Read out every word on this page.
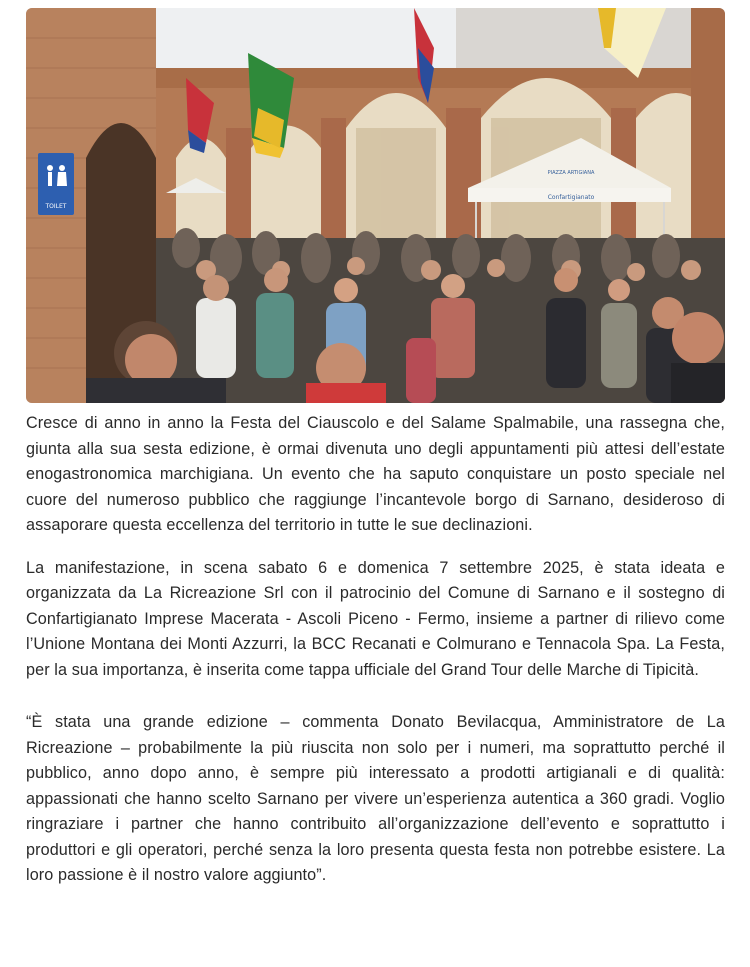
TOILET
PIAZZA ARTIGIANA
Confartigianato

Cresce di anno in anno la Festa del Ciauscolo e del Salame Spalmabile, una rassegna che, giunta alla sua sesta edizione, è ormai divenuta uno degli appuntamenti più attesi dell’estate enogastronomica marchigiana. Un evento che ha saputo conquistare un posto speciale nel cuore del numeroso pubblico che raggiunge l’incantevole borgo di Sarnano, desideroso di assaporare questa eccellenza del territorio in tutte le sue declinazioni.

La manifestazione, in scena sabato 6 e domenica 7 settembre 2025, è stata ideata e organizzata da La Ricreazione Srl con il patrocinio del Comune di Sarnano e il sostegno di Confartigianato Imprese Macerata - Ascoli Piceno - Fermo, insieme a partner di rilievo come l’Unione Montana dei Monti Azzurri, la BCC Recanati e Colmurano e Tennacola Spa. La Festa, per la sua importanza, è inserita come tappa ufficiale del Grand Tour delle Marche di Tipicità.

“È stata una grande edizione – commenta Donato Bevilacqua, Amministratore de La Ricreazione – probabilmente la più riuscita non solo per i numeri, ma soprattutto perché il pubblico, anno dopo anno, è sempre più interessato a prodotti artigianali e di qualità: appassionati che hanno scelto Sarnano per vivere un’esperienza autentica a 360 gradi. Voglio ringraziare i partner che hanno contribuito all’organizzazione dell’evento e soprattutto i produttori e gli operatori, perché senza la loro presenta questa festa non potrebbe esistere. La loro passione è il nostro valore aggiunto”.
